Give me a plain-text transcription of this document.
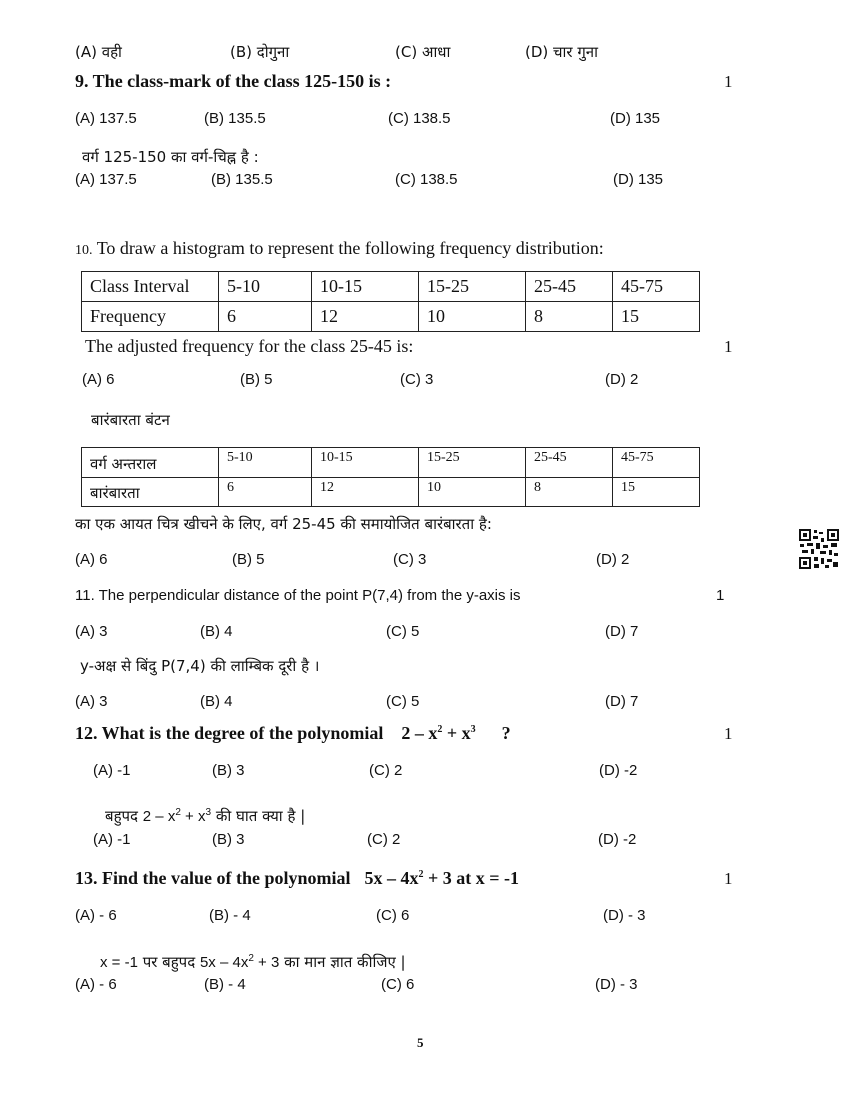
(A) वही	(B) दोगुना	(C) आधा	(D) चार गुना
9. The class-mark of the class 125-150 is :	1
(A) 137.5	(B) 135.5	(C) 138.5	(D) 135
वर्ग 125-150 का वर्ग-चिह्न है :
(A) 137.5	(B) 135.5	(C) 138.5	(D) 135
10. To draw a histogram to represent the following frequency distribution:
Class Interval	5-10	10-15	15-25	25-45	45-75
Frequency	6	12	10	8	15
The adjusted frequency for the class 25-45 is:	1
(A) 6	(B) 5	(C) 3	(D) 2
बारंबारता बंटन
वर्ग अन्तराल	5-10	10-15	15-25	25-45	45-75
बारंबारता	6	12	10	8	15
का एक आयत चित्र खीचने के लिए, वर्ग 25-45 की समायोजित बारंबारता है:
(A) 6	(B) 5	(C) 3	(D) 2
11. The perpendicular distance of the point P(7,4) from the y-axis is	1
(A) 3	(B) 4	(C) 5	(D) 7
y-अक्ष से बिंदु P(7,4) की लाम्बिक दूरी है ।
(A) 3	(B) 4	(C) 5	(D) 7
12. What is the degree of the polynomial $2 - x^2 + x^3$ ?	1
(A) -1	(B) 3	(C) 2	(D) -2
बहुपद $2 - x^2 + x^3$ की घात क्या है |
(A) -1	(B) 3	(C) 2	(D) -2
13. Find the value of the polynomial $5x - 4x^2 + 3$ at x = -1	1
(A) - 6	(B) - 4	(C) 6	(D) - 3
x = -1 पर बहुपद $5x - 4x^2 + 3$ का मान ज्ञात कीजिए |
(A) - 6	(B) - 4	(C) 6	(D) - 3
5
